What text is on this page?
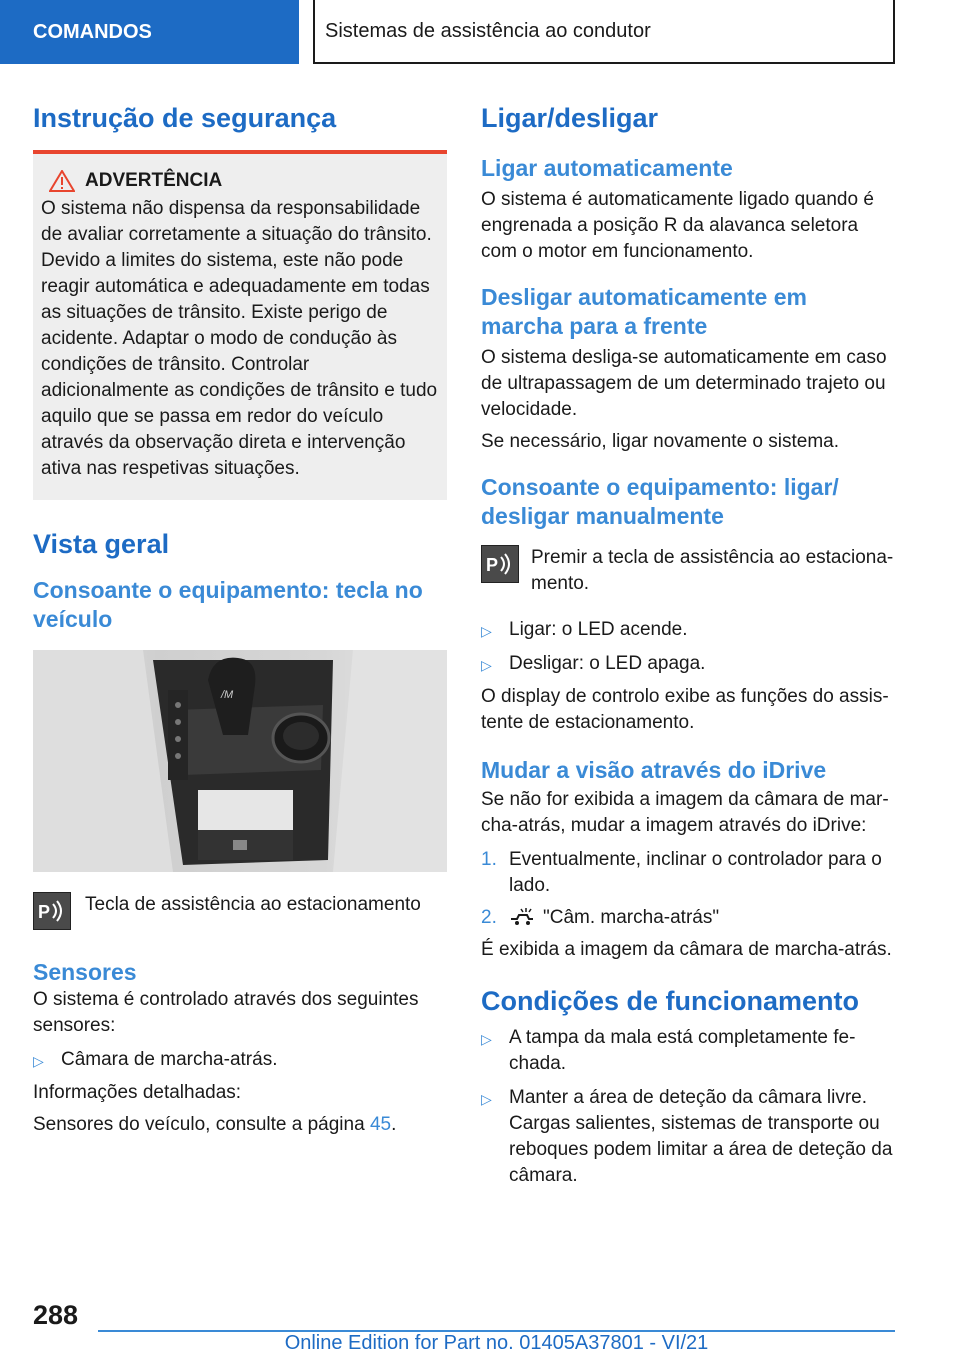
COMANDOS	Sistemas de assistência ao condutor
Instrução de segurança
ADVERTÊNCIA

O sistema não dispensa da responsabilidade de avaliar corretamente a situação do trânsito. Devido a limites do sistema, este não pode reagir automática e adequadamente em todas as situações de trânsito. Existe perigo de acidente. Adaptar o modo de condução às condições de trânsito. Controlar adicionalmente as condições de trânsito e tudo aquilo que se passa em redor do veículo através da observação direta e intervenção ativa nas respetivas situações.

Vista geral
Consoante o equipamento: tecla no veículo
/M
P Tecla de assistência ao estacionamento

Sensores

O sistema é controlado através dos seguintes sensores:

▷ Câmara de marcha-atrás.

Informações detalhadas:

Sensores do veículo, consulte a página 45.

Ligar/desligar
Ligar automaticamente

O sistema é automaticamente ligado quando é engrenada a posição R da alavanca seletora com o motor em funcionamento.

Desligar automaticamente em marcha para a frente

O sistema desliga-se automaticamente em caso de ultrapassagem de um determinado trajeto ou velocidade.

Se necessário, ligar novamente o sistema.

Consoante o equipamento: ligar/ desligar manualmente
P Premir a tecla de assistência ao estacionamento.

▷ Ligar: o LED acende.
▷ Desligar: o LED apaga.

O display de controlo exibe as funções do assistente de estacionamento.

Mudar a visão através do iDrive

Se não for exibida a imagem da câmara de marcha-atrás, mudar a imagem através do iDrive:

1. Eventualmente, inclinar o controlador para o lado.
2.	"Câm. marcha-atrás"

É exibida a imagem da câmara de marcha-atrás.

Condições de funcionamento
▷ A tampa da mala está completamente fechada.
▷ Manter a área de deteção da câmara livre. Cargas salientes, sistemas de transporte ou reboques podem limitar a área de deteção da câmara.
288
Online Edition for Part no. 01405A37801 - VI/21
